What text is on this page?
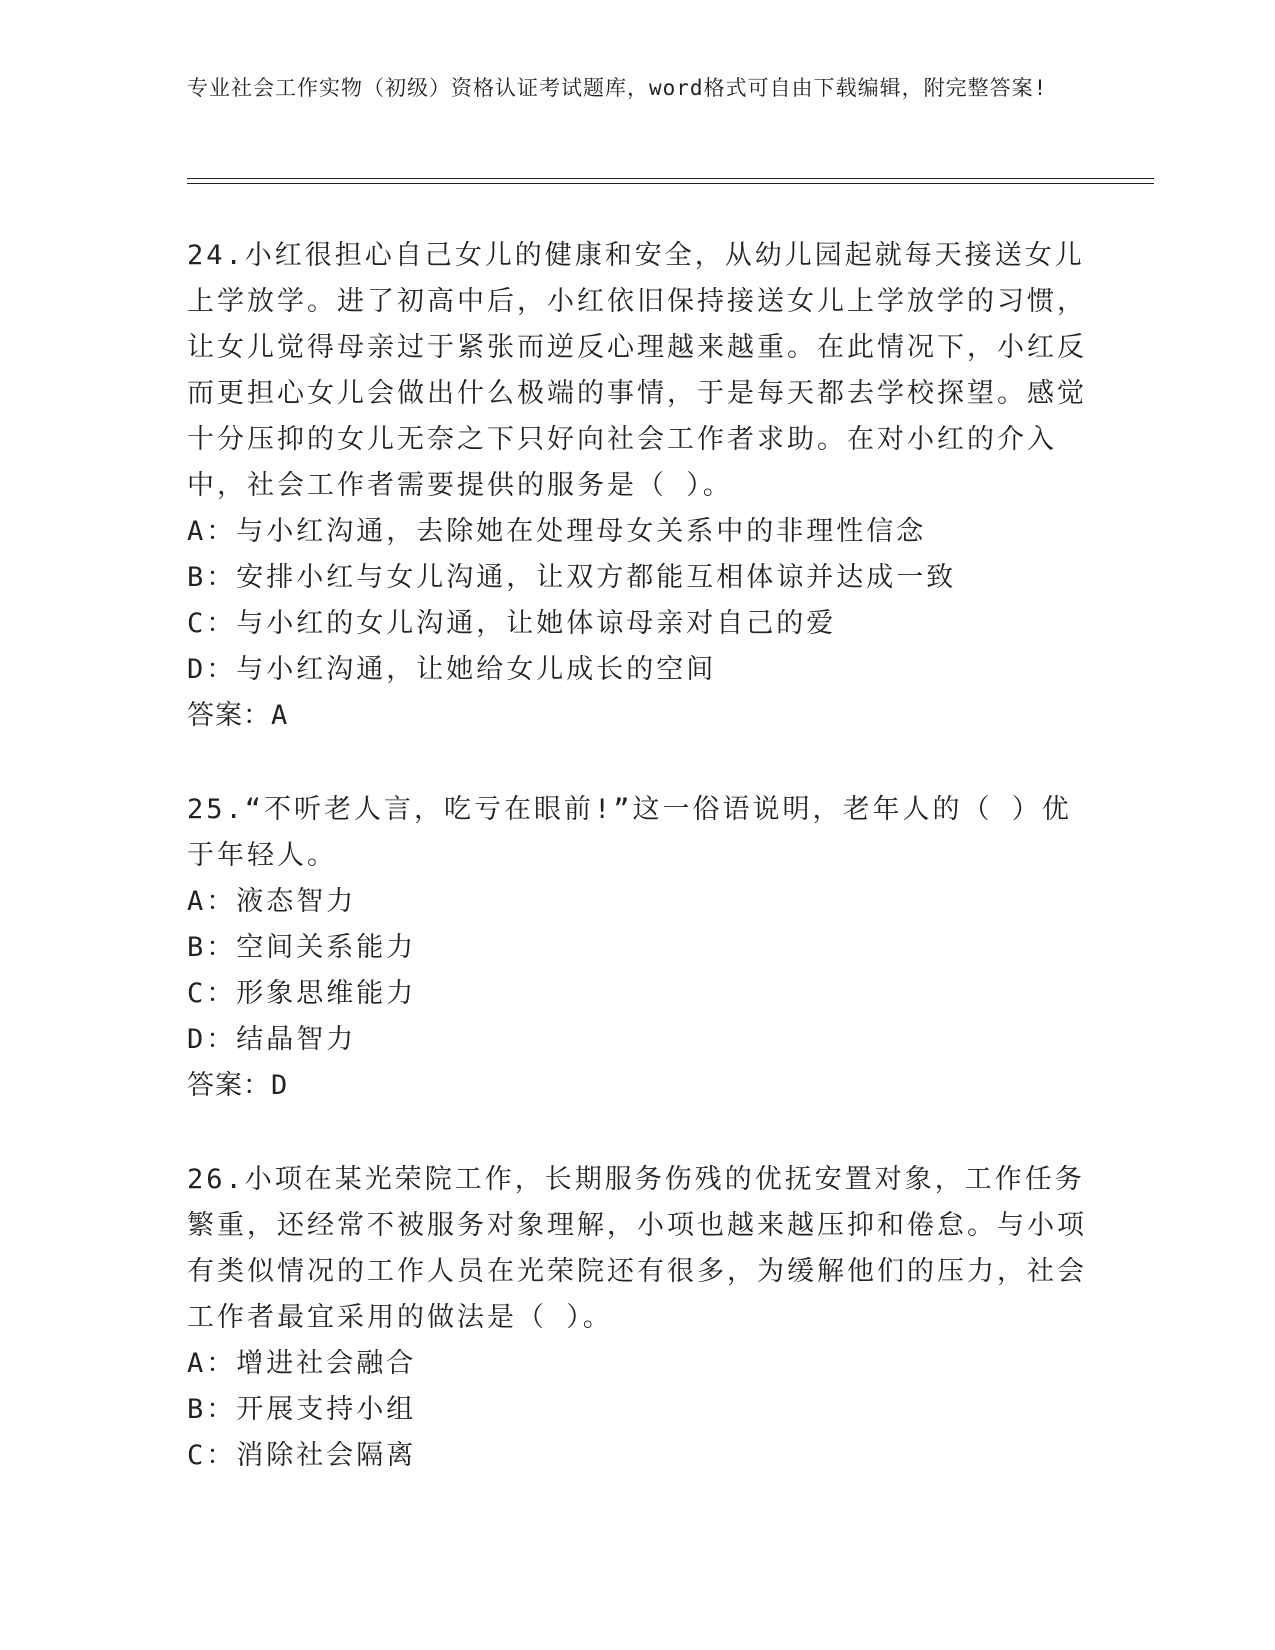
专业社会工作实物（初级）资格认证考试题库，word格式可自由下载编辑，附完整答案!

24.小红很担心自己女儿的健康和安全，从幼儿园起就每天接送女儿上学放学。进了初高中后，小红依旧保持接送女儿上学放学的习惯，让女儿觉得母亲过于紧张而逆反心理越来越重。在此情况下，小红反而更担心女儿会做出什么极端的事情，于是每天都去学校探望。感觉十分压抑的女儿无奈之下只好向社会工作者求助。在对小红的介入中，社会工作者需要提供的服务是（ ）。

A：与小红沟通，去除她在处理母女关系中的非理性信念

B：安排小红与女儿沟通，让双方都能互相体谅并达成一致

C：与小红的女儿沟通，让她体谅母亲对自己的爱

D：与小红沟通，让她给女儿成长的空间

答案：A

25.“不听老人言，吃亏在眼前!”这一俗语说明，老年人的（ ）优于年轻人。

A：液态智力

B：空间关系能力

C：形象思维能力

D：结晶智力

答案：D

26.小项在某光荣院工作，长期服务伤残的优抚安置对象，工作任务繁重，还经常不被服务对象理解，小项也越来越压抑和倦怠。与小项有类似情况的工作人员在光荣院还有很多，为缓解他们的压力，社会工作者最宜采用的做法是（ ）。

A：增进社会融合

B：开展支持小组

C：消除社会隔离
